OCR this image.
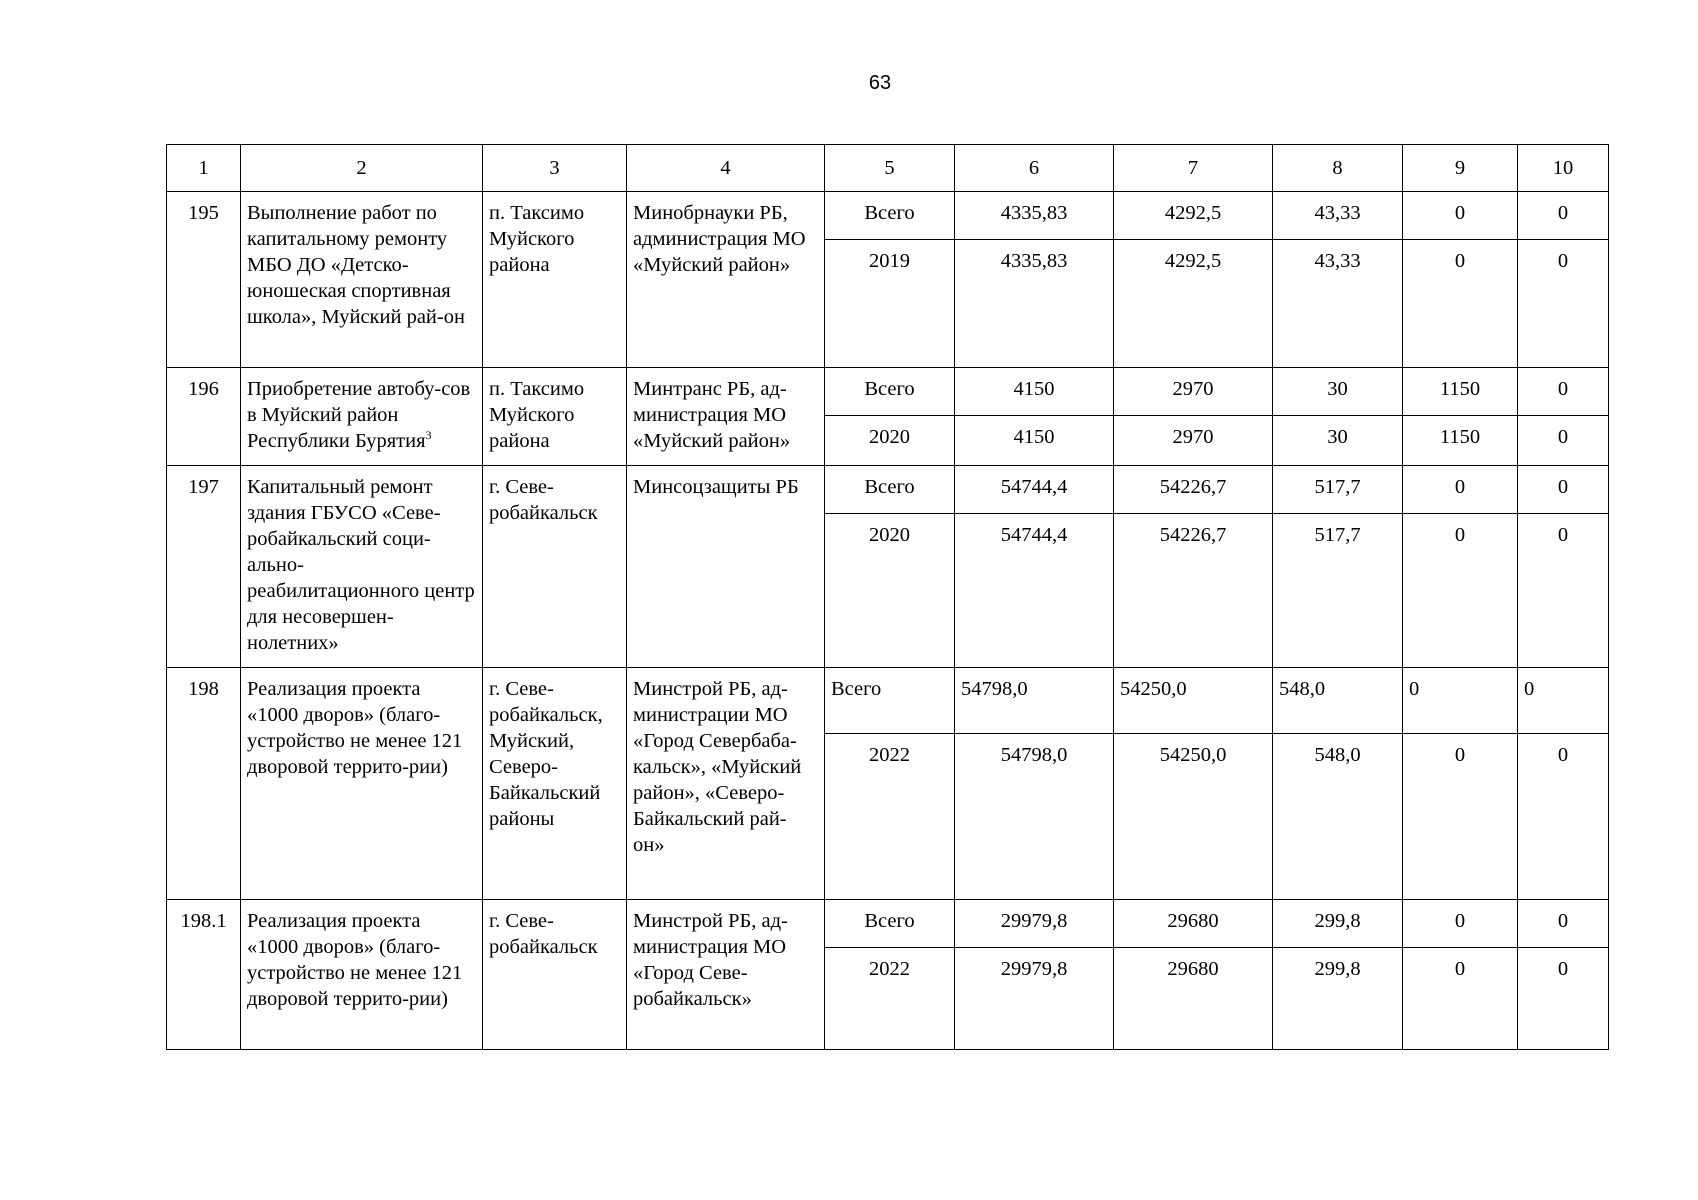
63
1	2	3	4	5	6	7	8	9	10
195	Выполнение работ по капитальному ремонту МБО ДО «Детско-юношеская спортивная школа», Муйский рай-он	п. Таксимо Муйского района	Минобрнауки РБ, администрация МО «Муйский район»	Всего	4335,83	4292,5	43,33	0	0
				2019	4335,83	4292,5	43,33	0	0
196	Приобретение автобу-сов в Муйский район Республики Бурятия$^3$	п. Таксимо Муйского района	Минтранс РБ, ад-министрация МО «Муйский район»	Всего	4150	2970	30	1150	0
				2020	4150	2970	30	1150	0
197	Капитальный ремонт здания ГБУСО «Севе-робайкальский соци-ально-реабилитационного центр для несовершен-нолетних»	г. Севе-робайкальск	Минсоцзащиты РБ	Всего	54744,4	54226,7	517,7	0	0
				2020	54744,4	54226,7	517,7	0	0
198	Реализация проекта «1000 дворов» (благо-устройство не менее 121 дворовой террито-рии)	г. Севе-робайкальск, Муйский, Северо-Байкальский районы	Минстрой РБ, ад-министрации МО «Город Севербаба-кальск», «Муйский район», «Северо-Байкальский рай-он»	Всего	54798,0	54250,0	548,0	0	0
				2022	54798,0	54250,0	548,0	0	0
198.1	Реализация проекта «1000 дворов» (благо-устройство не менее 121 дворовой террито-рии)	г. Севе-робайкальск	Минстрой РБ, ад-министрация МО «Город Севе-робайкальск»	Всего	29979,8	29680	299,8	0	0
				2022	29979,8	29680	299,8	0	0
